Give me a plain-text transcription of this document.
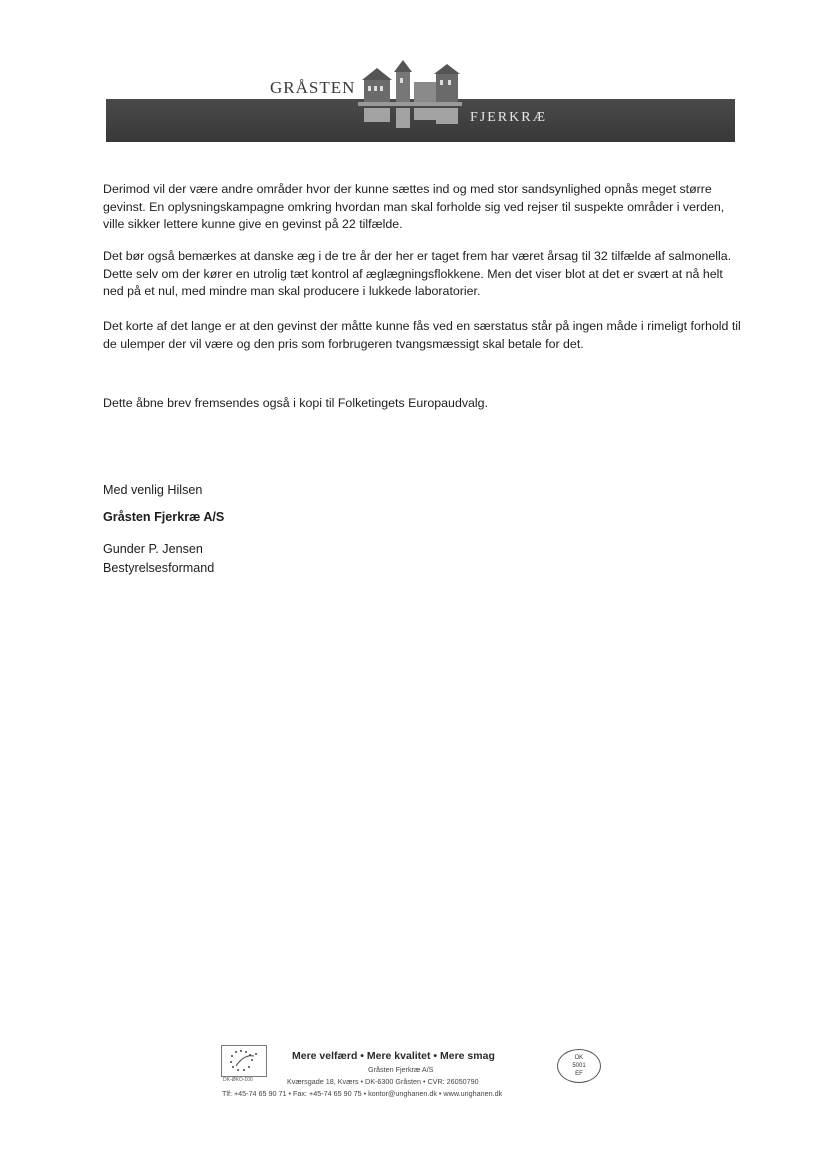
GRÅSTEN
FJERKRÆ
Derimod vil der være andre områder hvor der kunne sættes ind og med stor sandsynlighed opnås meget større gevinst. En oplysningskampagne omkring hvordan man skal forholde sig ved rejser til suspekte områder i verden, ville sikker lettere kunne give en gevinst på 22 tilfælde.
Det bør også bemærkes at danske æg i de tre år der her er taget frem har været årsag til 32 tilfælde af salmonella. Dette selv om der kører en utrolig tæt kontrol af æglægningsflokkene. Men det viser blot at det er svært at nå helt ned på et nul, med mindre man skal producere i lukkede laboratorier.
Det korte af det lange er at den gevinst der måtte kunne fås ved en særstatus står på ingen måde i rimeligt forhold til de ulemper der vil være og den pris som forbrugeren tvangsmæssigt skal betale for det.
Dette åbne brev fremsendes også i kopi til Folketingets Europaudvalg.
Med venlig Hilsen
Gråsten Fjerkræ A/S
Gunder P. Jensen
Bestyrelsesformand
DK-ØKO-100
Mere velfærd • Mere kvalitet • Mere smag
Gråsten Fjerkræ A/S
Kværsgade 18, Kværs • DK-6300 Gråsten • CVR: 26050790
Tlf: +45-74 65 90 71 • Fax: +45-74 65 90 75 • kontor@unghanen.dk • www.unghanen.dk
DK
5001
EF
